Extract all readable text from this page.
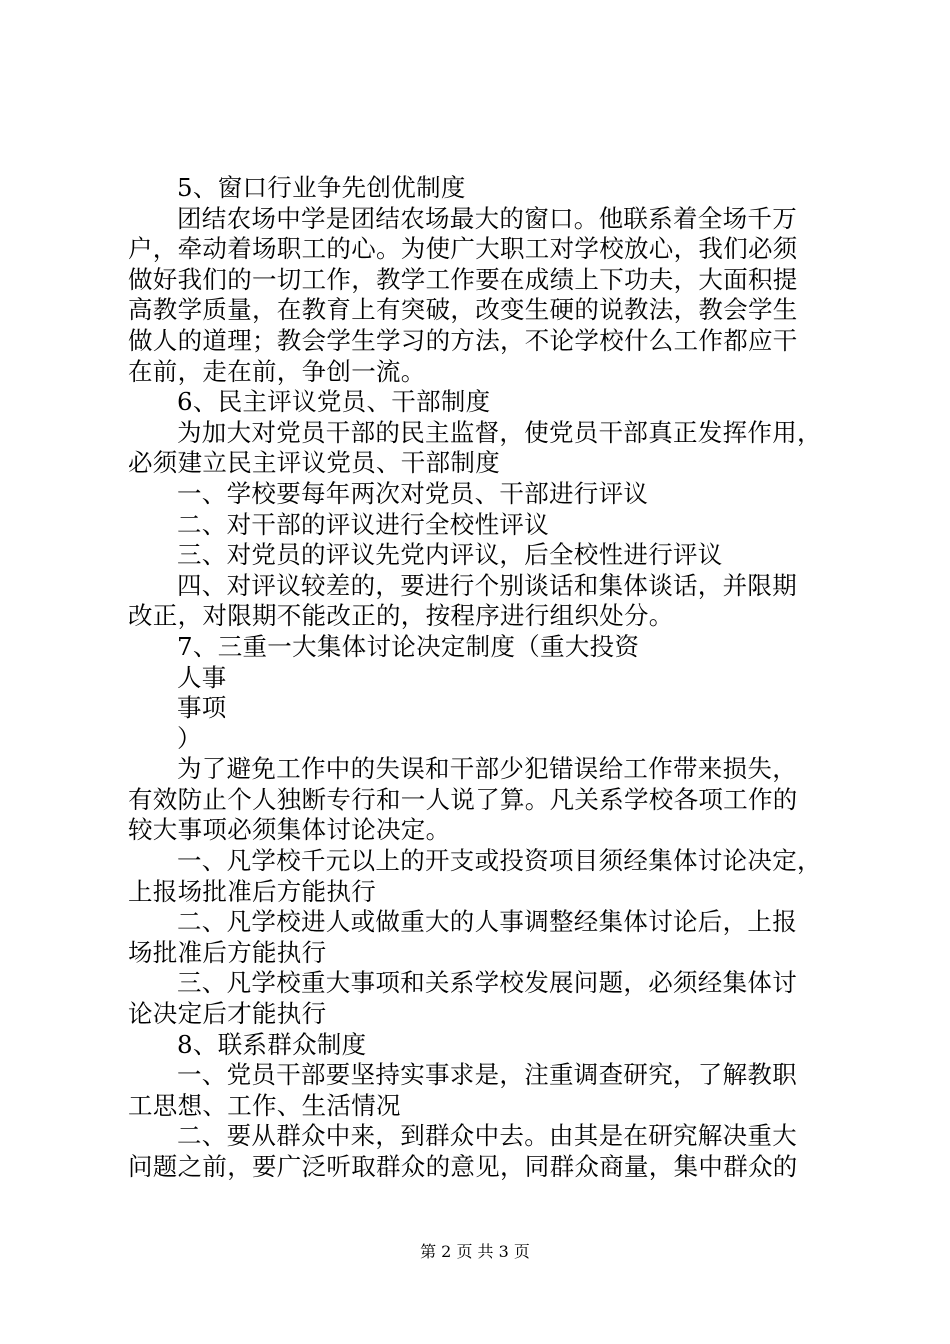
5、窗口行业争先创优制度
团结农场中学是团结农场最大的窗口。他联系着全场千万
户，牵动着场职工的心。为使广大职工对学校放心，我们必须
做好我们的一切工作，教学工作要在成绩上下功夫，大面积提
高教学质量，在教育上有突破，改变生硬的说教法，教会学生
做人的道理；教会学生学习的方法，不论学校什么工作都应干
在前，走在前，争创一流。
6、民主评议党员、干部制度
为加大对党员干部的民主监督，使党员干部真正发挥作用，
必须建立民主评议党员、干部制度
一、学校要每年两次对党员、干部进行评议
二、对干部的评议进行全校性评议
三、对党员的评议先党内评议，后全校性进行评议
四、对评议较差的，要进行个别谈话和集体谈话，并限期
改正，对限期不能改正的，按程序进行组织处分。
7、三重一大集体讨论决定制度（重大投资
人事
事项
）
为了避免工作中的失误和干部少犯错误给工作带来损失，
有效防止个人独断专行和一人说了算。凡关系学校各项工作的
较大事项必须集体讨论决定。
一、凡学校千元以上的开支或投资项目须经集体讨论决定，
上报场批准后方能执行
二、凡学校进人或做重大的人事调整经集体讨论后，上报
场批准后方能执行
三、凡学校重大事项和关系学校发展问题，必须经集体讨
论决定后才能执行
8、联系群众制度
一、党员干部要坚持实事求是，注重调查研究，了解教职
工思想、工作、生活情况
二、要从群众中来，到群众中去。由其是在研究解决重大
问题之前，要广泛听取群众的意见，同群众商量，集中群众的
第 2 页 共 3 页
